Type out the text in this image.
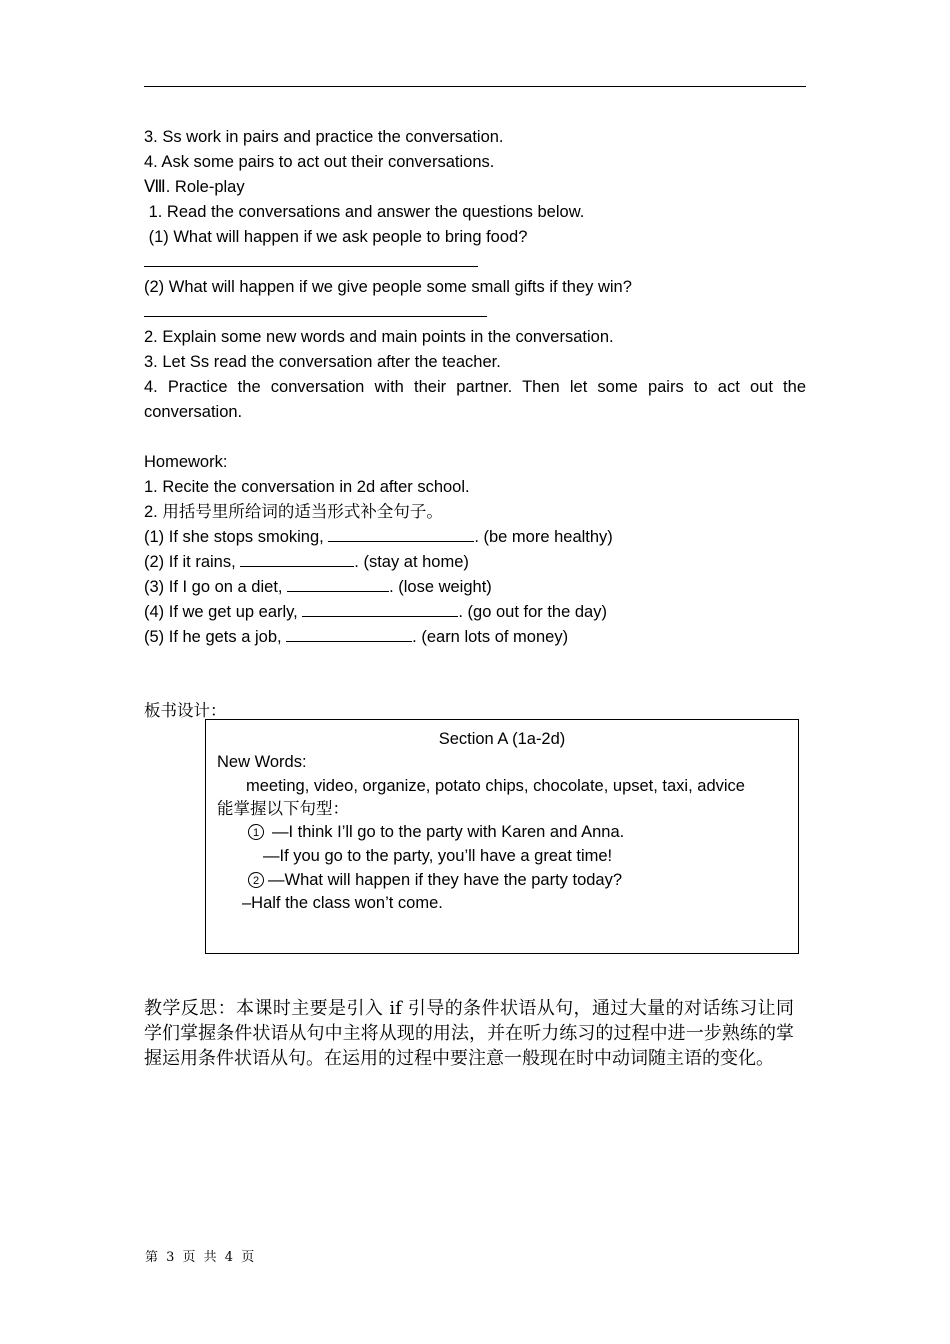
3. Ss work in pairs and practice the conversation.
4. Ask some pairs to act out their conversations.
Ⅷ. Role-play
1. Read the conversations and answer the questions below.
(1) What will happen if we ask people to bring food?
(2) What will happen if we give people some small gifts if they win?
2. Explain some new words and main points in the conversation.
3. Let Ss read the conversation after the teacher.
4. Practice the conversation with their partner. Then let some pairs to act out the conversation.
Homework:
1. Recite the conversation in 2d after school.
2. 用括号里所给词的适当形式补全句子。
(1) If she stops smoking,	. (be more healthy)
(2) If it rains,	. (stay at home)
(3) If I go on a diet,	. (lose weight)
(4) If we get up early,	. (go out for the day)
(5) If he gets a job,	. (earn lots of money)
板书设计：
Section A (1a-2d)
New Words:
meeting, video, organize, potato chips, chocolate, upset, taxi, advice
能掌握以下句型：
1 —I think I’ll go to the party with Karen and Anna.
—If you go to the party, you’ll have a great time!
2 —What will happen if they have the party today?
–Half the class won’t come.
教学反思：本课时主要是引入 if 引导的条件状语从句，通过大量的对话练习让同学们掌握条件状语从句中主将从现的用法，并在听力练习的过程中进一步熟练的掌握运用条件状语从句。在运用的过程中要注意一般现在时中动词随主语的变化。
第 3 页 共 4 页
